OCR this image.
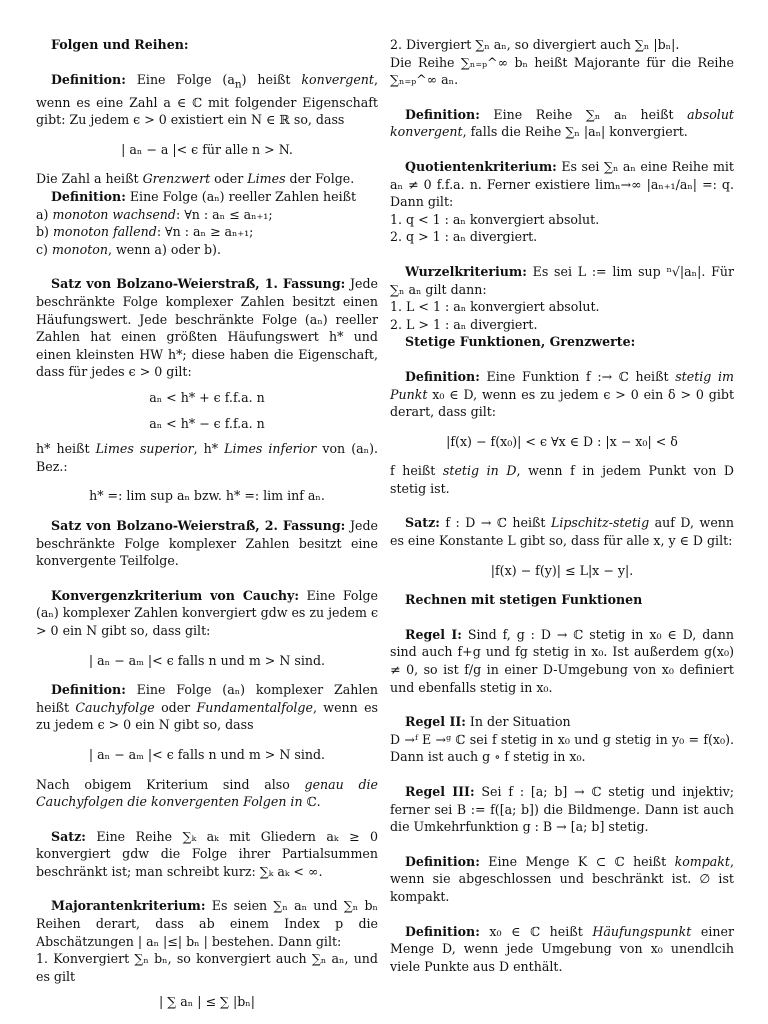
Folgen und Reihen:

Definition: Eine Folge $(a_n)$ heißt konvergent, wenn es eine Zahl a ∈ ℂ mit folgender Eigenschaft gibt: Zu jedem ϵ > 0 existiert ein N ∈ ℝ so, dass

| aₙ − a |< ϵ für alle n > N.

Die Zahl a heißt Grenzwert oder Limes der Folge.

Definition: Eine Folge (aₙ) reeller Zahlen heißt

a) monoton wachsend: ∀n : aₙ ≤ aₙ₊₁;

b) monoton fallend: ∀n : aₙ ≥ aₙ₊₁;

c) monoton, wenn a) oder b).

Satz von Bolzano-Weierstraß, 1. Fassung: Jede beschränkte Folge komplexer Zahlen besitzt einen Häufungswert. Jede beschränkte Folge (aₙ) reeller Zahlen hat einen größten Häufungswert h* und einen kleinsten HW h*; diese haben die Eigenschaft, dass für jedes ϵ > 0 gilt:

aₙ < h* + ϵ f.f.a. n
aₙ < h* − ϵ f.f.a. n

h* heißt Limes superior, h* Limes inferior von (aₙ). Bez.:

h* =: lim sup aₙ bzw. h* =: lim inf aₙ.

Satz von Bolzano-Weierstraß, 2. Fassung: Jede beschränkte Folge komplexer Zahlen besitzt eine konvergente Teilfolge.

Konvergenzkriterium von Cauchy: Eine Folge (aₙ) komplexer Zahlen konvergiert gdw es zu jedem ϵ > 0 ein N gibt so, dass gilt:

| aₙ − aₘ |< ϵ falls n und m > N sind.

Definition: Eine Folge (aₙ) komplexer Zahlen heißt Cauchyfolge oder Fundamentalfolge, wenn es zu jedem ϵ > 0 ein N gibt so, dass

| aₙ − aₘ |< ϵ falls n und m > N sind.

Nach obigem Kriterium sind also genau die Cauchyfolgen die konvergenten Folgen in ℂ.

Satz: Eine Reihe ∑ₖ aₖ mit Gliedern aₖ ≥ 0 konvergiert gdw die Folge ihrer Partialsummen beschränkt ist; man schreibt kurz: ∑ₖ aₖ < ∞.

Majorantenkriterium: Es seien ∑ₙ aₙ und ∑ₙ bₙ Reihen derart, dass ab einem Index p die Abschätzungen | aₙ |≤| bₙ | bestehen. Dann gilt:

1. Konvergiert ∑ₙ bₙ, so konvergiert auch ∑ₙ aₙ, und es gilt

| ∑ aₙ | ≤ ∑ |bₙ|

2. Divergiert ∑ₙ aₙ, so divergiert auch ∑ₙ |bₙ|.

Die Reihe ∑ₙ₌ₚ^∞ bₙ heißt Majorante für die Reihe ∑ₙ₌ₚ^∞ aₙ.

Definition: Eine Reihe ∑ₙ aₙ heißt absolut konvergent, falls die Reihe ∑ₙ |aₙ| konvergiert.

Quotientenkriterium: Es sei ∑ₙ aₙ eine Reihe mit aₙ ≠ 0 f.f.a. n. Ferner existiere limₙ→∞ |aₙ₊₁/aₙ| =: q. Dann gilt:

1. q < 1 : aₙ konvergiert absolut.

2. q > 1 : aₙ divergiert.

Wurzelkriterium: Es sei L := lim sup ⁿ√|aₙ|. Für ∑ₙ aₙ gilt dann:

1. L < 1 : aₙ konvergiert absolut.

2. L > 1 : aₙ divergiert.

Stetige Funktionen, Grenzwerte:

Definition: Eine Funktion f :→ ℂ heißt stetig im Punkt x₀ ∈ D, wenn es zu jedem ϵ > 0 ein δ > 0 gibt derart, dass gilt:

|f(x) − f(x₀)| < ϵ ∀x ∈ D : |x − x₀| < δ

f heißt stetig in D, wenn f in jedem Punkt von D stetig ist.

Satz: f : D → ℂ heißt Lipschitz-stetig auf D, wenn es eine Konstante L gibt so, dass für alle x, y ∈ D gilt:

|f(x) − f(y)| ≤ L|x − y|.

Rechnen mit stetigen Funktionen

Regel I: Sind f, g : D → ℂ stetig in x₀ ∈ D, dann sind auch f+g und fg stetig in x₀. Ist außerdem g(x₀) ≠ 0, so ist f/g in einer D-Umgebung von x₀ definiert und ebenfalls stetig in x₀.

Regel II: In der Situation

D →ᶠ E →ᵍ ℂ sei f stetig in x₀ und g stetig in y₀ = f(x₀). Dann ist auch g ∘ f stetig in x₀.

Regel III: Sei f : [a; b] → ℂ stetig und injektiv; ferner sei B := f([a; b]) die Bildmenge. Dann ist auch die Umkehrfunktion g : B → [a; b] stetig.

Definition: Eine Menge K ⊂ ℂ heißt kompakt, wenn sie abgeschlossen und beschränkt ist. ∅ ist kompakt.

Definition: x₀ ∈ ℂ heißt Häufungspunkt einer Menge D, wenn jede Umgebung von x₀ unendlcih viele Punkte aus D enthält.
